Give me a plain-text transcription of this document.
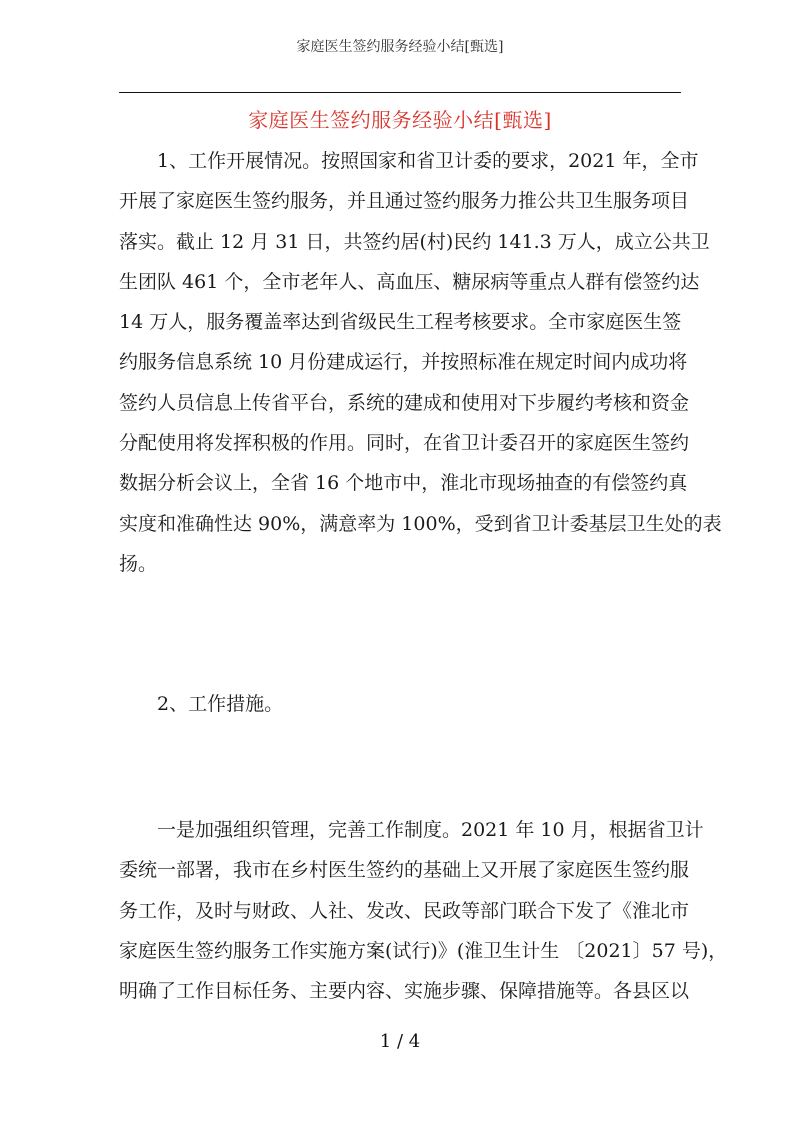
家庭医生签约服务经验小结[甄选]
家庭医生签约服务经验小结[甄选]
　　1、工作开展情况。按照国家和省卫计委的要求，2021 年，全市
开展了家庭医生签约服务，并且通过签约服务力推公共卫生服务项目
落实。截止 12 月 31 日，共签约居(村)民约 141.3 万人，成立公共卫
生团队 461 个，全市老年人、高血压、糖尿病等重点人群有偿签约达
14 万人，服务覆盖率达到省级民生工程考核要求。全市家庭医生签
约服务信息系统 10 月份建成运行，并按照标准在规定时间内成功将
签约人员信息上传省平台，系统的建成和使用对下步履约考核和资金
分配使用将发挥积极的作用。同时，在省卫计委召开的家庭医生签约
数据分析会议上，全省 16 个地市中，淮北市现场抽查的有偿签约真
实度和准确性达 90%，满意率为 100%，受到省卫计委基层卫生处的表
扬。
　　2、工作措施。
　　一是加强组织管理，完善工作制度。2021 年 10 月，根据省卫计
委统一部署，我市在乡村医生签约的基础上又开展了家庭医生签约服
务工作，及时与财政、人社、发改、民政等部门联合下发了《淮北市
家庭医生签约服务工作实施方案(试行)》(淮卫生计生 〔2021〕57 号)，
明确了工作目标任务、主要内容、实施步骤、保障措施等。各县区以
1 / 4
